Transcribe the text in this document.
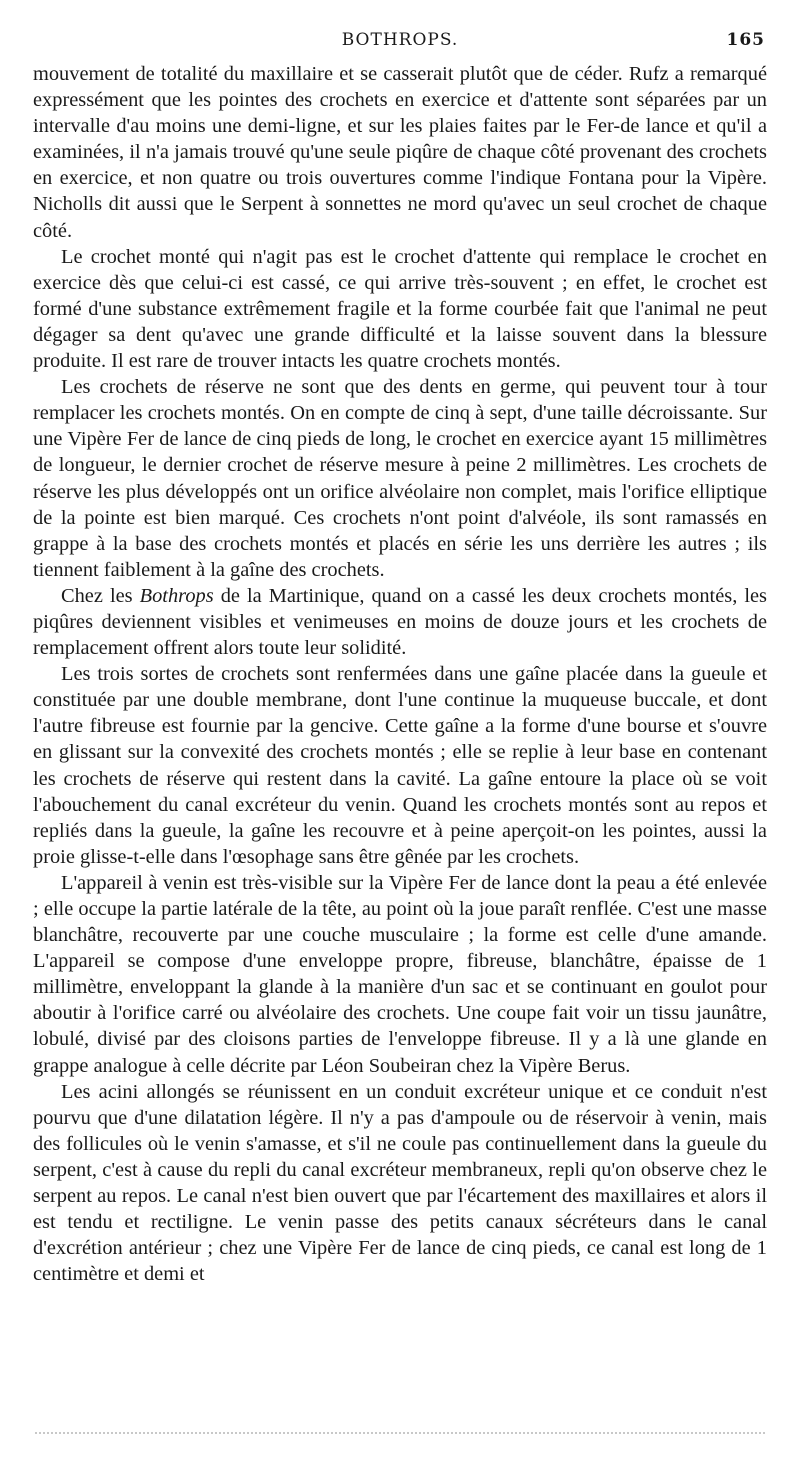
BOTHROPS.	165

mouvement de totalité du maxillaire et se casserait plutôt que de céder. Rufz a remarqué expressément que les pointes des crochets en exercice et d'attente sont séparées par un intervalle d'au moins une demi-ligne, et sur les plaies faites par le Fer-de lance et qu'il a examinées, il n'a jamais trouvé qu'une seule piqûre de chaque côté provenant des crochets en exercice, et non quatre ou trois ouvertures comme l'indique Fontana pour la Vipère. Nicholls dit aussi que le Serpent à sonnettes ne mord qu'avec un seul crochet de chaque côté.

Le crochet monté qui n'agit pas est le crochet d'attente qui remplace le crochet en exercice dès que celui-ci est cassé, ce qui arrive très-souvent ; en effet, le crochet est formé d'une substance extrêmement fragile et la forme courbée fait que l'animal ne peut dégager sa dent qu'avec une grande difficulté et la laisse souvent dans la blessure produite. Il est rare de trouver intacts les quatre crochets montés.

Les crochets de réserve ne sont que des dents en germe, qui peuvent tour à tour remplacer les crochets montés. On en compte de cinq à sept, d'une taille décroissante. Sur une Vipère Fer de lance de cinq pieds de long, le crochet en exercice ayant 15 millimètres de longueur, le dernier crochet de réserve mesure à peine 2 millimètres. Les crochets de réserve les plus développés ont un orifice alvéolaire non complet, mais l'orifice elliptique de la pointe est bien marqué. Ces crochets n'ont point d'alvéole, ils sont ramassés en grappe à la base des crochets montés et placés en série les uns derrière les autres ; ils tiennent faiblement à la gaîne des crochets.

Chez les Bothrops de la Martinique, quand on a cassé les deux crochets montés, les piqûres deviennent visibles et venimeuses en moins de douze jours et les crochets de remplacement offrent alors toute leur solidité.

Les trois sortes de crochets sont renfermées dans une gaîne placée dans la gueule et constituée par une double membrane, dont l'une continue la muqueuse buccale, et dont l'autre fibreuse est fournie par la gencive. Cette gaîne a la forme d'une bourse et s'ouvre en glissant sur la convexité des crochets montés ; elle se replie à leur base en contenant les crochets de réserve qui restent dans la cavité. La gaîne entoure la place où se voit l'abouchement du canal excréteur du venin. Quand les crochets montés sont au repos et repliés dans la gueule, la gaîne les recouvre et à peine aperçoit-on les pointes, aussi la proie glisse-t-elle dans l'œsophage sans être gênée par les crochets.

L'appareil à venin est très-visible sur la Vipère Fer de lance dont la peau a été enlevée ; elle occupe la partie latérale de la tête, au point où la joue paraît renflée. C'est une masse blanchâtre, recouverte par une couche musculaire ; la forme est celle d'une amande. L'appareil se compose d'une enveloppe propre, fibreuse, blanchâtre, épaisse de 1 millimètre, enveloppant la glande à la manière d'un sac et se continuant en goulot pour aboutir à l'orifice carré ou alvéolaire des crochets. Une coupe fait voir un tissu jaunâtre, lobulé, divisé par des cloisons parties de l'enveloppe fibreuse. Il y a là une glande en grappe analogue à celle décrite par Léon Soubeiran chez la Vipère Berus.

Les acini allongés se réunissent en un conduit excréteur unique et ce conduit n'est pourvu que d'une dilatation légère. Il n'y a pas d'ampoule ou de réservoir à venin, mais des follicules où le venin s'amasse, et s'il ne coule pas continuellement dans la gueule du serpent, c'est à cause du repli du canal excréteur membraneux, repli qu'on observe chez le serpent au repos. Le canal n'est bien ouvert que par l'écartement des maxillaires et alors il est tendu et rectiligne. Le venin passe des petits canaux sécréteurs dans le canal d'excrétion antérieur ; chez une Vipère Fer de lance de cinq pieds, ce canal est long de 1 centimètre et demi et
